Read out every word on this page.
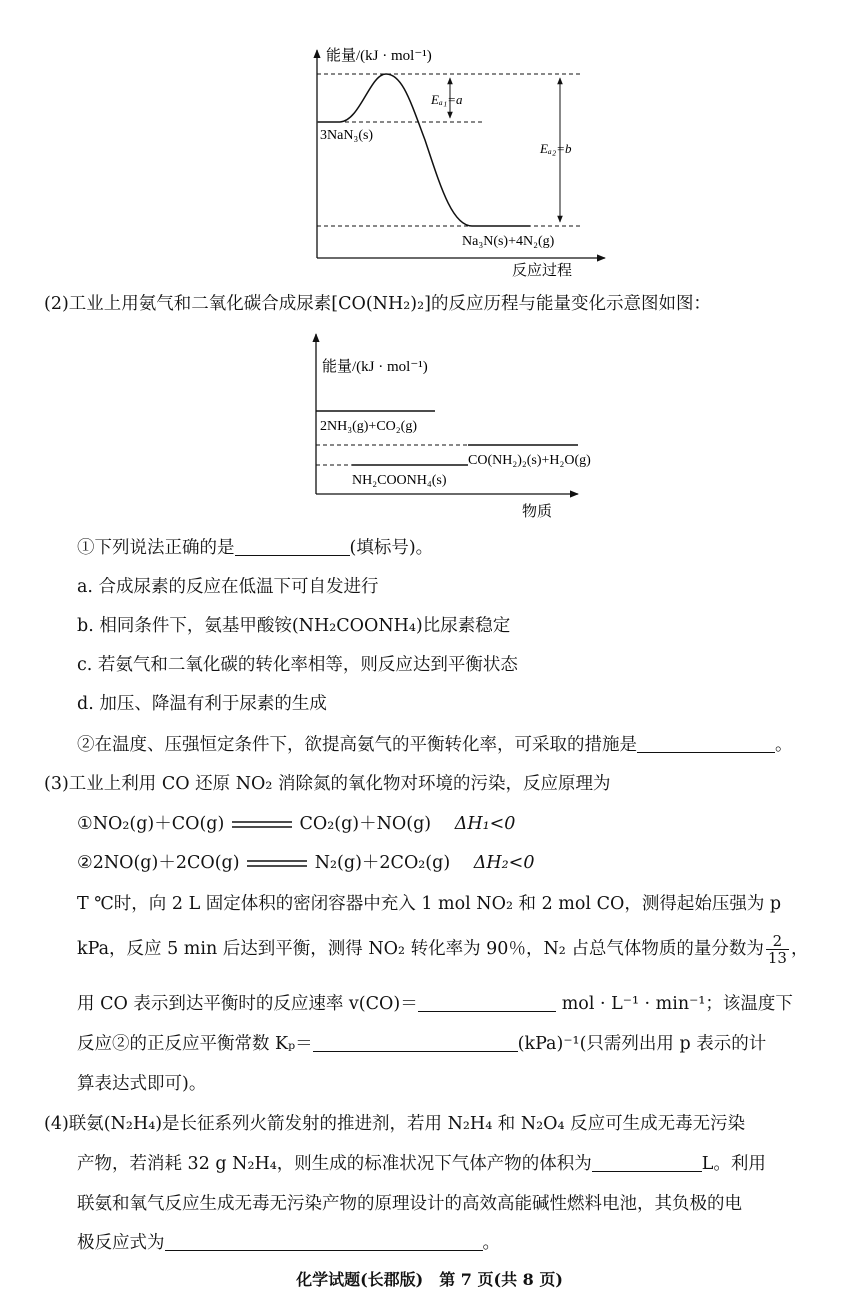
能量/(kJ · mol⁻¹)
反应过程
Eₐ₁=a
Eₐ₂=b
3NaN₃(s)
Na₃N(s)+4N₂(g)
(2)工业上用氨气和二氧化碳合成尿素[CO(NH₂)₂]的反应历程与能量变化示意图如图：
能量/(kJ · mol⁻¹)
物质
2NH₃(g)+CO₂(g)
CO(NH₂)₂(s)+H₂O(g)
NH₂COONH₄(s)
①下列说法正确的是	(填标号)。
a. 合成尿素的反应在低温下可自发进行
b. 相同条件下，氨基甲酸铵(NH₂COONH₄)比尿素稳定
c. 若氨气和二氧化碳的转化率相等，则反应达到平衡状态
d. 加压、降温有利于尿素的生成
②在温度、压强恒定条件下，欲提高氨气的平衡转化率，可采取的措施是	。
(3)工业上利用 CO 还原 NO₂ 消除氮的氧化物对环境的污染，反应原理为
①NO₂(g)＋CO(g)	CO₂(g)＋NO(g) ΔH₁<0
②2NO(g)＋2CO(g)	N₂(g)＋2CO₂(g) ΔH₂<0
T ℃时，向 2 L 固定体积的密闭容器中充入 1 mol NO₂ 和 2 mol CO，测得起始压强为 p
kPa，反应 5 min 后达到平衡，测得 NO₂ 转化率为 90％，N₂ 占总气体物质的量分数为 $\frac{2}{13}$ ，
用 CO 表示到达平衡时的反应速率 v(CO)＝	mol · L⁻¹ · min⁻¹；该温度下
反应②的正反应平衡常数 Kₚ＝	(kPa)⁻¹(只需列出用 p 表示的计
算表达式即可)。
(4)联氨(N₂H₄)是长征系列火箭发射的推进剂，若用 N₂H₄ 和 N₂O₄ 反应可生成无毒无污染
产物，若消耗 32 g N₂H₄，则生成的标准状况下气体产物的体积为	L。利用
联氨和氧气反应生成无毒无污染产物的原理设计的高效高能碱性燃料电池，其负极的电
极反应式为	。
化学试题(长郡版)　第 7 页(共 8 页)
